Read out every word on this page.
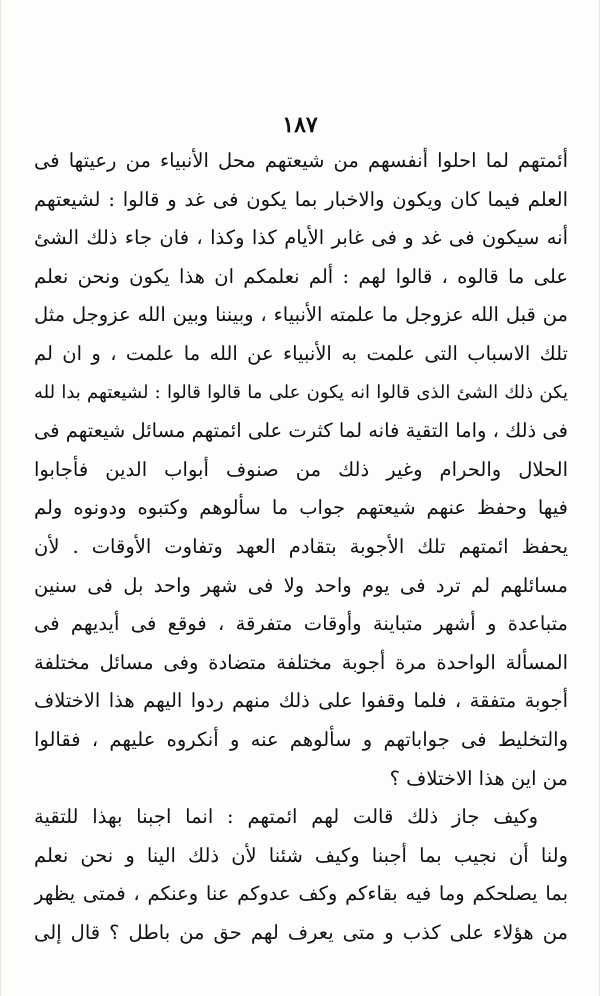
١٨٧
أئمتهم لما احلوا أنفسهم من شيعتهم محل الأنبياء من رعيتها فى
العلم فيما كان ويكون والاخبار بما يكون فى غد و قالوا : لشيعتهم
أنه سيكون فى غد و فى غابر الأيام كذا وكذا ، فان جاء ذلك الشئ
على ما قالوه ، قالوا لهم : ألم نعلمكم ان هذا يكون ونحن نعلم
من قبل الله عزوجل ما علمته الأنبياء ، وبيننا وبين الله عزوجل مثل
تلك الاسباب التى علمت به الأنبياء عن الله ما علمت ، و ان لم
يكن ذلك الشئ الذى قالوا انه يكون على ما قالوا قالوا : لشيعتهم بدا لله
فى ذلك ، واما التقية فانه لما كثرت على ائمتهم مسائل شيعتهم فى
الحلال والحرام وغير ذلك من صنوف أبواب الدين فأجابوا
فيها وحفظ عنهم شيعتهم جواب ما سألوهم وكتبوه ودونوه ولم
يحفظ ائمتهم تلك الأجوبة بتقادم العهد وتفاوت الأوقات . لأن
مسائلهم لم ترد فى يوم واحد ولا فى شهر واحد بل فى سنين
متباعدة و أشهر متباينة وأوقات متفرقة ، فوقع فى أيديهم فى
المسألة الواحدة مرة أجوبة مختلفة متضادة وفى مسائل مختلفة
أجوبة متفقة ، فلما وقفوا على ذلك منهم ردوا اليهم هذا الاختلاف
والتخليط فى جواباتهم و سألوهم عنه و أنكروه عليهم ، فقالوا
من اين هذا الاختلاف ؟
وكيف جاز ذلك قالت لهم ائمتهم : انما اجبنا بهذا للتقية
ولنا أن نجيب بما أجبنا وكيف شئنا لأن ذلك الينا و نحن نعلم
بما يصلحكم وما فيه بقاءكم وكف عدوكم عنا وعنكم ، فمتى يظهر
من هؤلاء على كذب و متى يعرف لهم حق من باطل ؟ قال إلى
